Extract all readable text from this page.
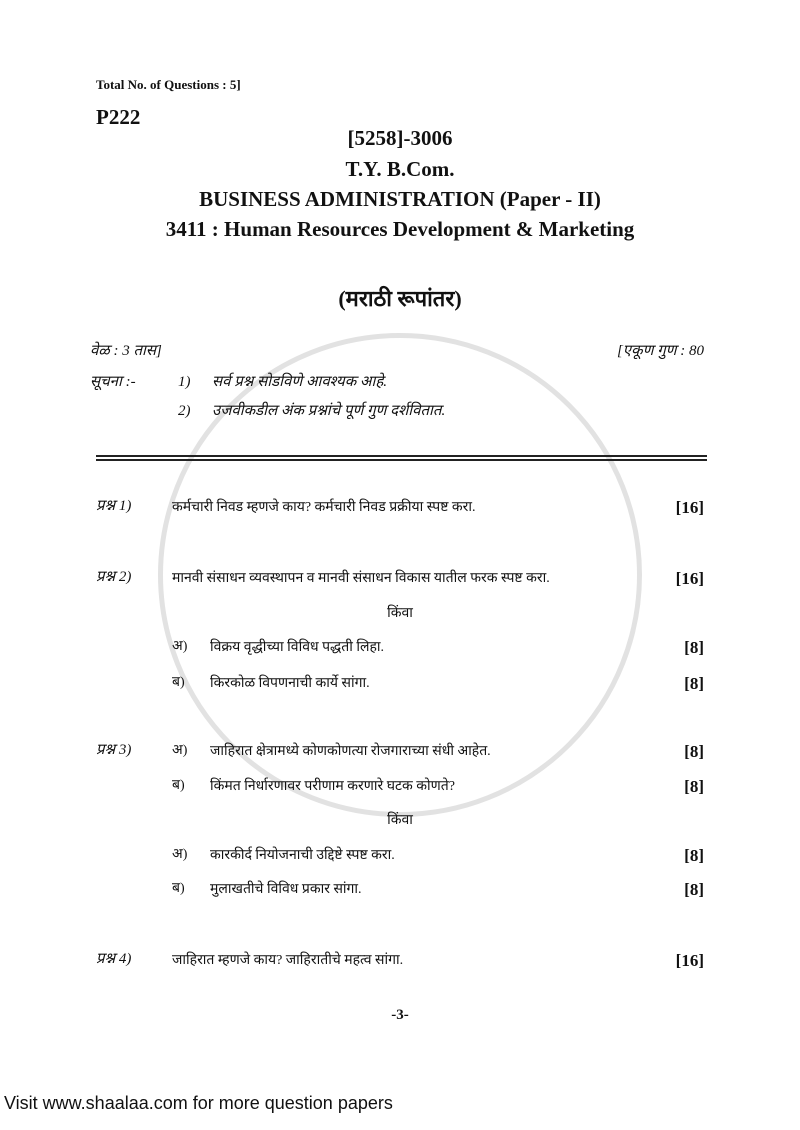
Total No. of Questions : 5]
P222
[5258]-3006
T.Y. B.Com.
BUSINESS ADMINISTRATION (Paper - II)
3411 : Human Resources Development & Marketing
(मराठी रूपांतर)
वेळ : 3 तास]	[एकूण गुण : 80
सूचना :-	1) सर्व प्रश्न सोडविणे आवश्यक आहे.
2) उजवीकडील अंक प्रश्नांचे पूर्ण गुण दर्शवितात.
प्रश्न 1)	कर्मचारी निवड म्हणजे काय? कर्मचारी निवड प्रक्रीया स्पष्ट करा.	[16]
प्रश्न 2)	मानवी संसाधन व्यवस्थापन व मानवी संसाधन विकास यातील फरक स्पष्ट करा.	[16]
किंवा
अ) विक्रय वृद्धीच्या विविध पद्धती लिहा.	[8]
ब) किरकोळ विपणनाची कार्ये सांगा.	[8]
प्रश्न 3)	अ) जाहिरात क्षेत्रामध्ये कोणकोणत्या रोजगाराच्या संधी आहेत.	[8]
ब) किंमत निर्धारणावर परीणाम करणारे घटक कोणते?	[8]
किंवा
अ) कारकीर्द नियोजनाची उद्दिष्टे स्पष्ट करा.	[8]
ब) मुलाखतीचे विविध प्रकार सांगा.	[8]
प्रश्न 4)	जाहिरात म्हणजे काय? जाहिरातीचे महत्व सांगा.	[16]
-3-
Visit www.shaalaa.com for more question papers
